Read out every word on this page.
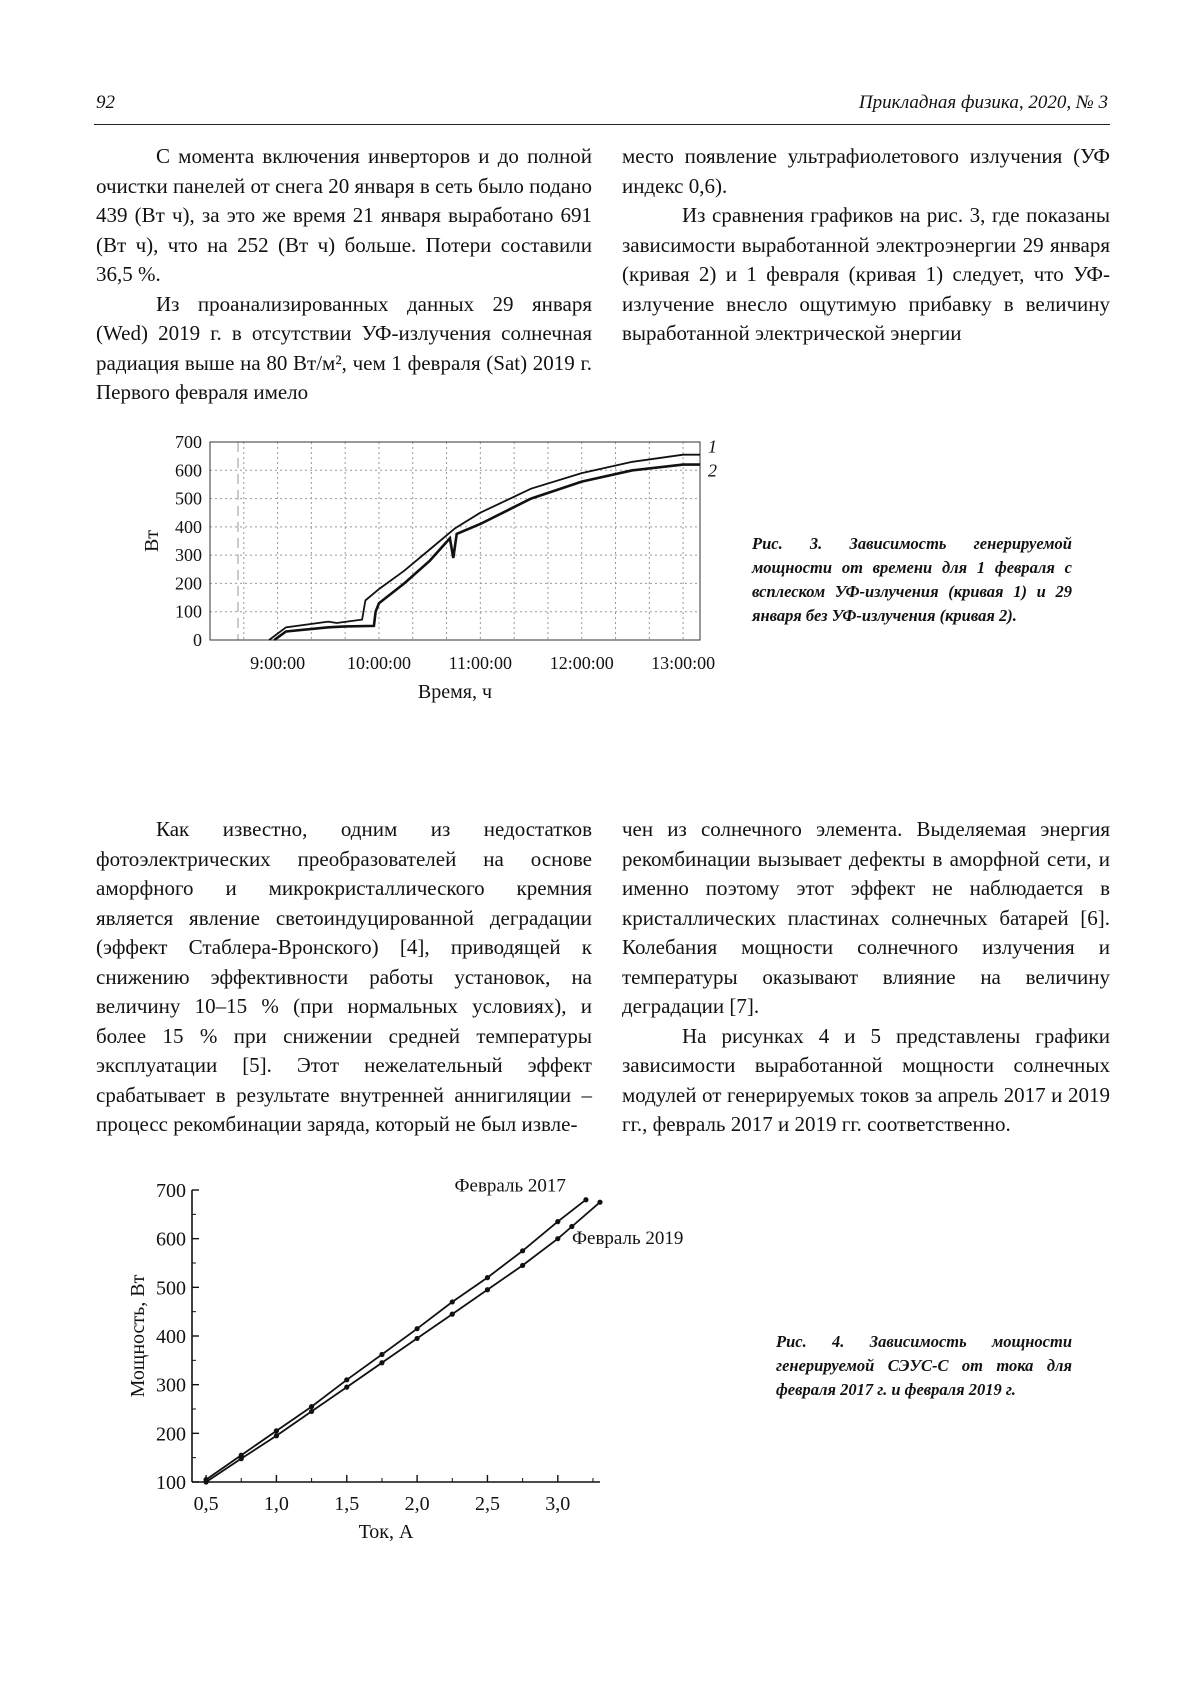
92	Прикладная физика, 2020, № 3

С момента включения инверторов и до полной очистки панелей от снега 20 января в сеть было подано 439 (Вт ч), за это же время 21 января выработано 691 (Вт ч), что на 252 (Вт ч) больше. Потери составили 36,5 %.

Из проанализированных данных 29 января (Wed) 2019 г. в отсутствии УФ-излучения солнечная радиация выше на 80 Вт/м², чем 1 февраля (Sat) 2019 г. Первого февраля имело

место появление ультрафиолетового излучения (УФ индекс 0,6).

Из сравнения графиков на рис. 3, где показаны зависимости выработанной электроэнергии 29 января (кривая 2) и 1 февраля (кривая 1) следует, что УФ-излучение внесло ощутимую прибавку в величину выработанной электрической энергии

0
100
200
300
400
500
600
700
9:00:00 10:00:00 11:00:00 12:00:00 13:00:00
Время, ч
Вт
1
2
Рис. 3. Зависимость генерируемой мощности от времени для 1 февраля с всплеском УФ-излучения (кривая 1) и 29 января без УФ-излучения (кривая 2).

Как известно, одним из недостатков фотоэлектрических преобразователей на основе аморфного и микрокристаллического кремния является явление светоиндуцированной деградации (эффект Стаблера-Вронского) [4], приводящей к снижению эффективности работы установок, на величину 10–15 % (при нормальных условиях), и более 15 % при снижении средней температуры эксплуатации [5]. Этот нежелательный эффект срабатывает в результате внутренней аннигиляции – процесс рекомбинации заряда, который не был извле-

чен из солнечного элемента. Выделяемая энергия рекомбинации вызывает дефекты в аморфной сети, и именно поэтому этот эффект не наблюдается в кристаллических пластинах солнечных батарей [6]. Колебания мощности солнечного излучения и температуры оказывают влияние на величину деградации [7].

На рисунках 4 и 5 представлены графики зависимости выработанной мощности солнечных модулей от генерируемых токов за апрель 2017 и 2019 гг., февраль 2017 и 2019 гг. соответственно.

100
200
300
400
500
600
700
0,5 1,0 1,5 2,0 2,5 3,0
Ток, А
Мощность, Вт
Февраль 2017
Февраль 2019
Рис. 4. Зависимость мощности генерируемой СЭУС-С от тока для февраля 2017 г. и февраля 2019 г.
